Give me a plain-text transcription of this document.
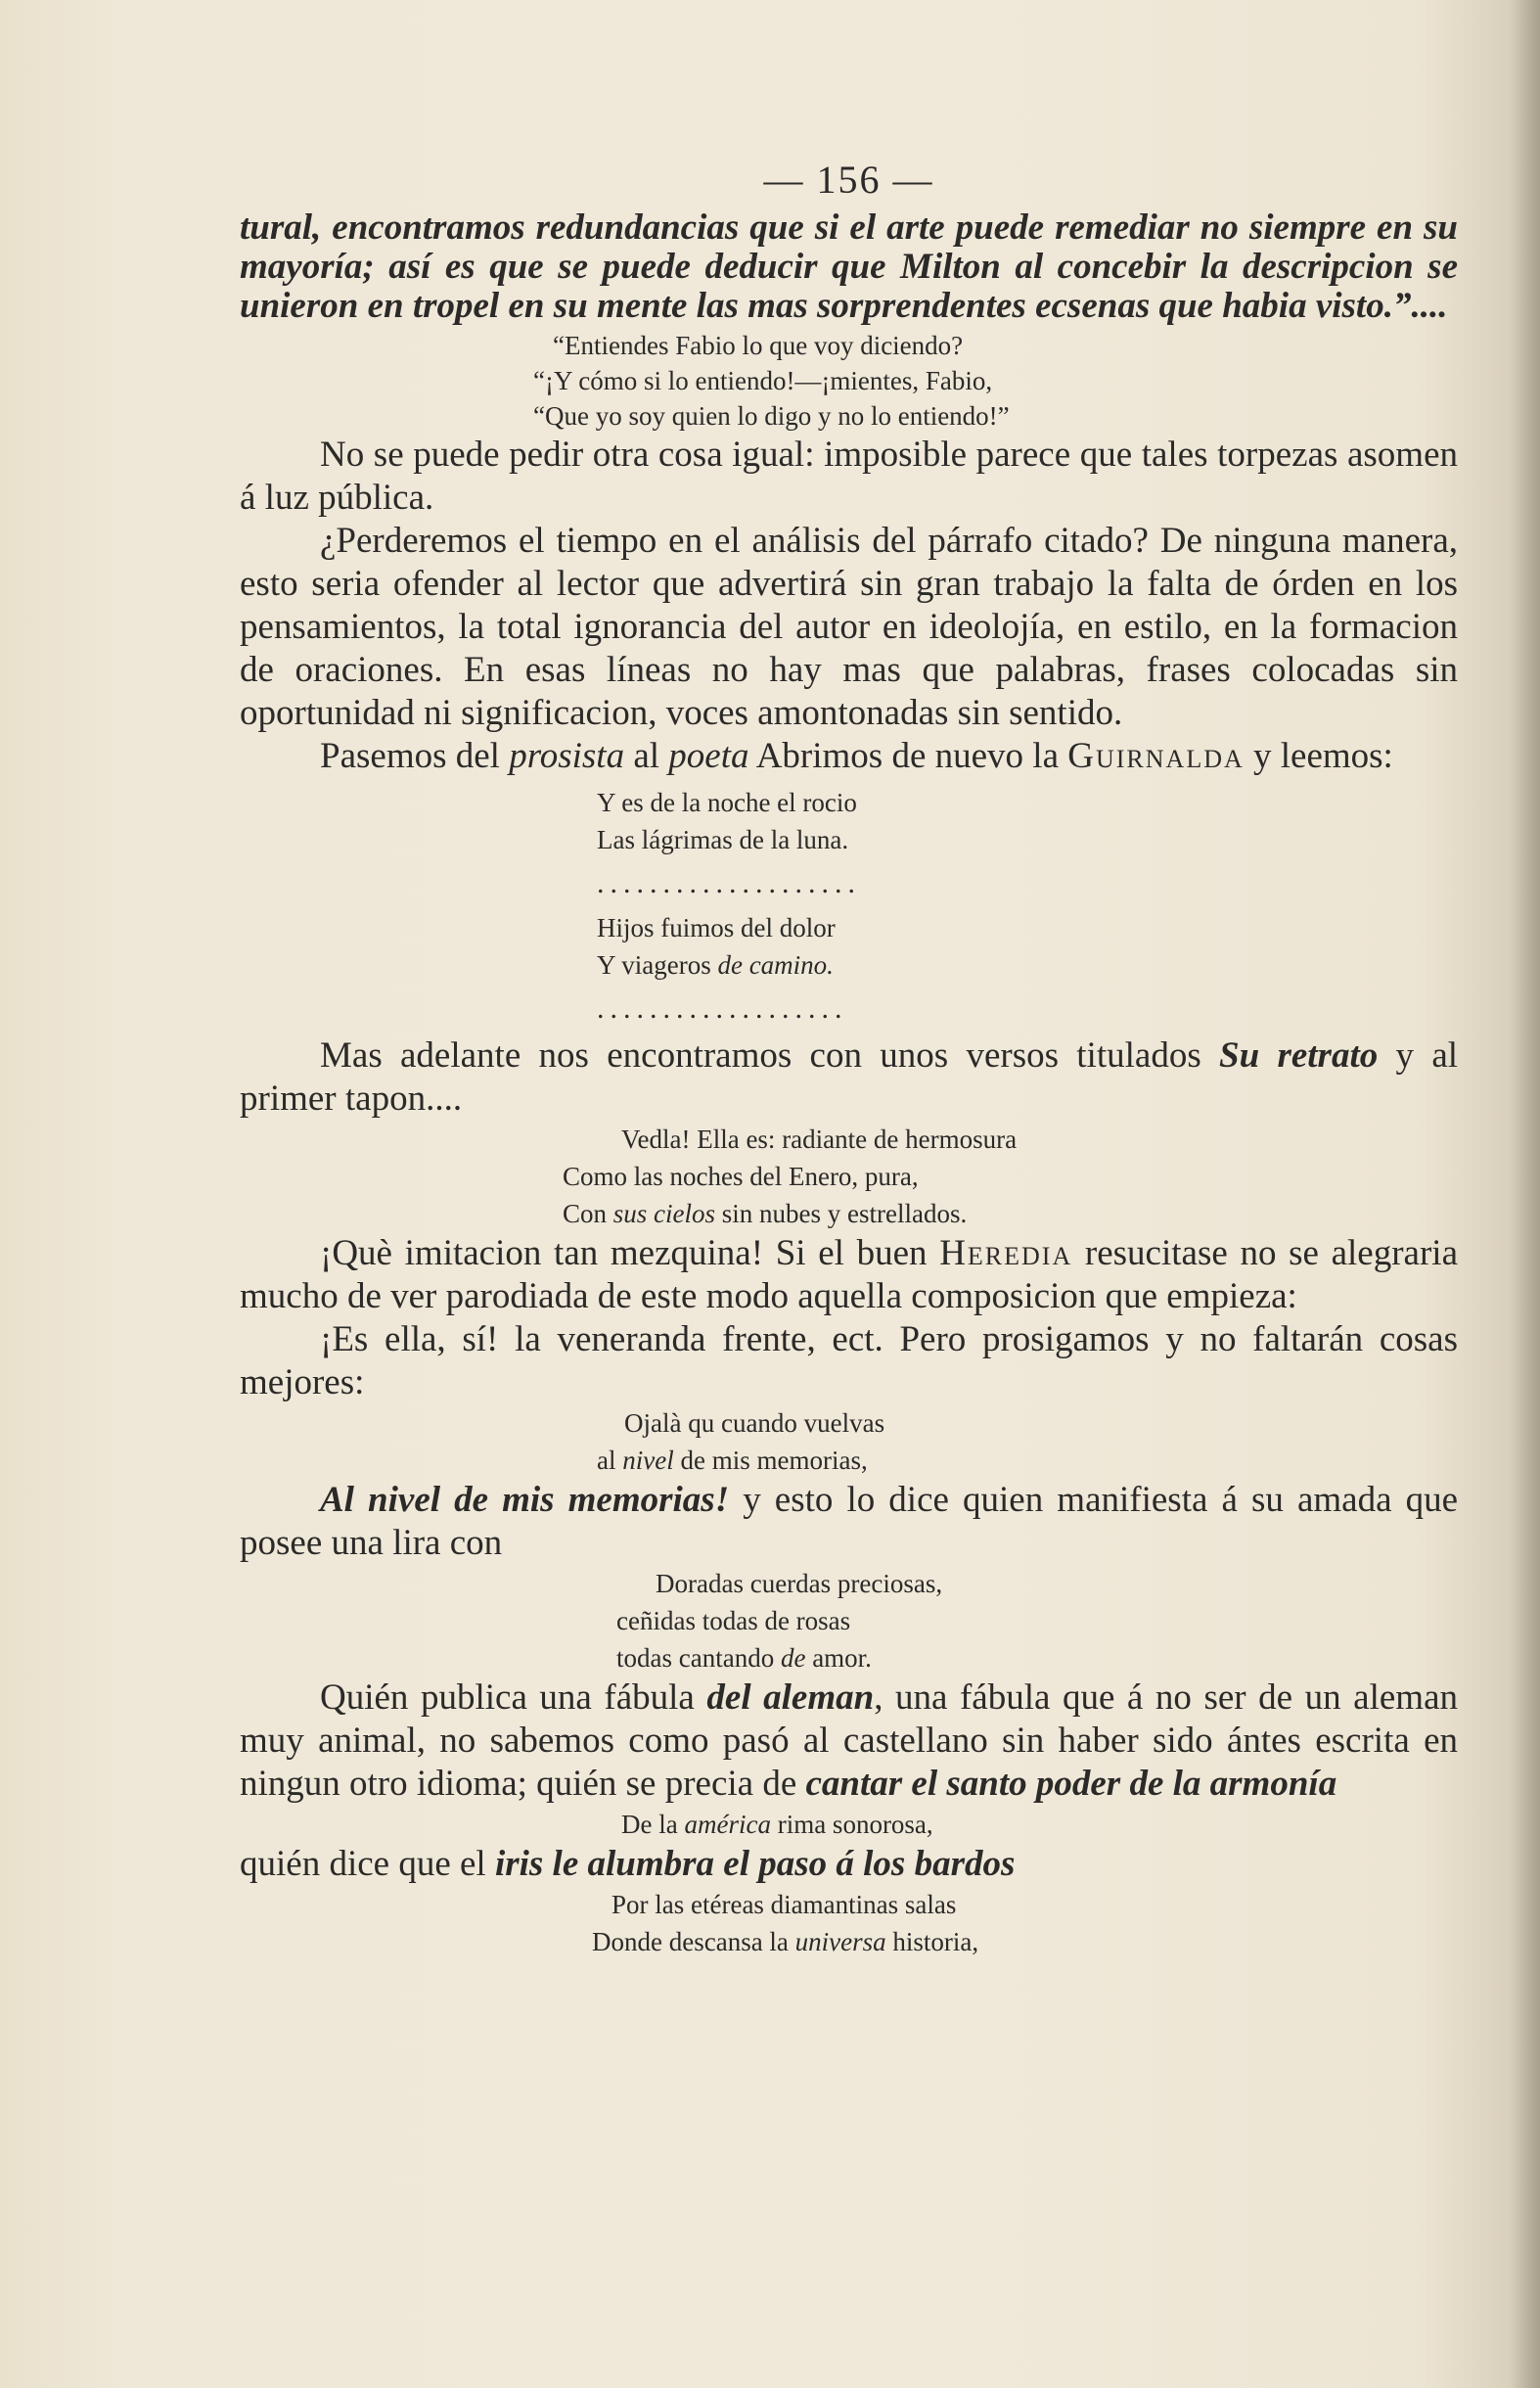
— 156 —

tural, encontramos redundancias que si el arte puede remediar no siempre en su mayoría; así es que se puede deducir que Milton al concebir la descripcion se unieron en tropel en su mente las mas sorprendentes ecsenas que habia visto.”....

“Entiendes Fabio lo que voy diciendo?

“¡Y cómo si lo entiendo!—¡mientes, Fabio,

“Que yo soy quien lo digo y no lo entiendo!”

No se puede pedir otra cosa igual: imposible parece que tales torpezas asomen á luz pública.

¿Perderemos el tiempo en el análisis del párrafo citado? De ninguna manera, esto seria ofender al lector que advertirá sin gran trabajo la falta de órden en los pensamientos, la total ignorancia del autor en ideolojía, en estilo, en la formacion de oraciones. En esas líneas no hay mas que palabras, frases colocadas sin oportunidad ni significacion, voces amontonadas sin sentido.

Pasemos del prosista al poeta Abrimos de nuevo la Guirnalda y leemos:

Y es de la noche el rocio

Las lágrimas de la luna.

....................

Hijos fuimos del dolor

Y viageros de camino.

...................

Mas adelante nos encontramos con unos versos titulados Su retrato y al primer tapon....

Vedla! Ella es: radiante de hermosura

Como las noches del Enero, pura,

Con sus cielos sin nubes y estrellados.

¡Què imitacion tan mezquina! Si el buen Heredia resucitase no se alegraria mucho de ver parodiada de este modo aquella composicion que empieza:

¡Es ella, sí! la veneranda frente, ect. Pero prosigamos y no faltarán cosas mejores:

Ojalà qu cuando vuelvas

al nivel de mis memorias,

Al nivel de mis memorias! y esto lo dice quien manifiesta á su amada que posee una lira con

Doradas cuerdas preciosas,

ceñidas todas de rosas

todas cantando de amor.

Quién publica una fábula del aleman, una fábula que á no ser de un aleman muy animal, no sabemos como pasó al castellano sin haber sido ántes escrita en ningun otro idioma; quién se precia de cantar el santo poder de la armonía

De la américa rima sonorosa,

quién dice que el iris le alumbra el paso á los bardos

Por las etéreas diamantinas salas

Donde descansa la universa historia,
